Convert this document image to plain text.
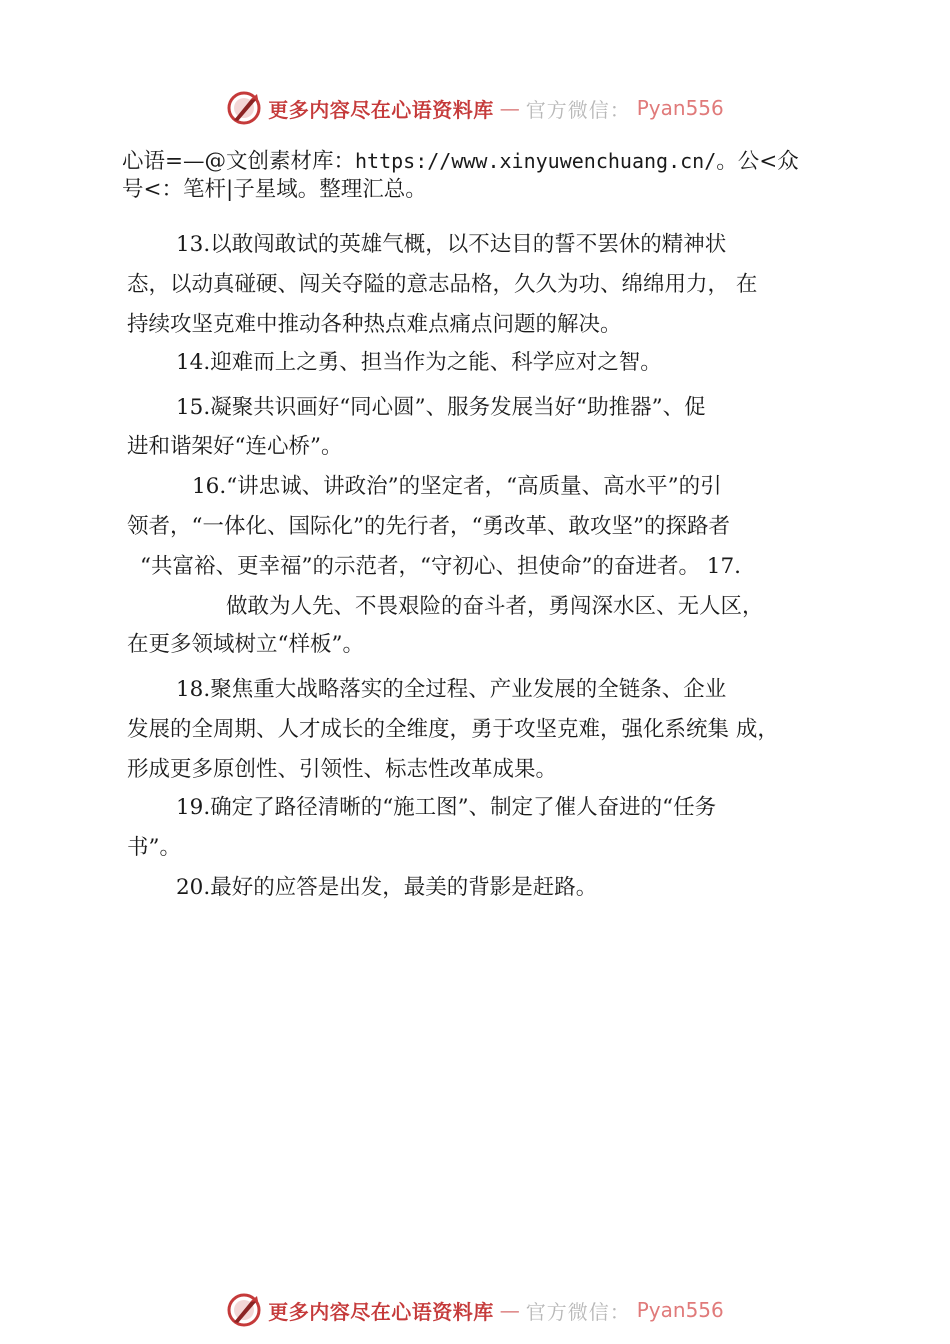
更多内容尽在心语资料库 — 官方微信： Pyan556
心语=—@文创素材库：https://www.xinyuwenchuang.cn/。公<众
号<：笔杆|子星域。整理汇总。
13.以敢闯敢试的英雄气概，以不达目的誓不罢休的精神状
态，以动真碰硬、闯关夺隘的意志品格，久久为功、绵绵用力， 在
持续攻坚克难中推动各种热点难点痛点问题的解决。
14.迎难而上之勇、担当作为之能、科学应对之智。
15.凝聚共识画好“同心圆”、服务发展当好“助推器”、促
进和谐架好“连心桥”。
16.“讲忠诚、讲政治”的坚定者，“高质量、高水平”的引
领者，“一体化、国际化”的先行者，“勇改革、敢攻坚”的探路者
“共富裕、更幸福”的示范者，“守初心、担使命”的奋进者。 17.
做敢为人先、不畏艰险的奋斗者，勇闯深水区、无人区，
在更多领域树立“样板”。
18.聚焦重大战略落实的全过程、产业发展的全链条、企业
发展的全周期、人才成长的全维度，勇于攻坚克难，强化系统集 成，
形成更多原创性、引领性、标志性改革成果。
19.确定了路径清晰的“施工图”、制定了催人奋进的“任务
书”。
20.最好的应答是出发，最美的背影是赶路。
更多内容尽在心语资料库 — 官方微信： Pyan556
